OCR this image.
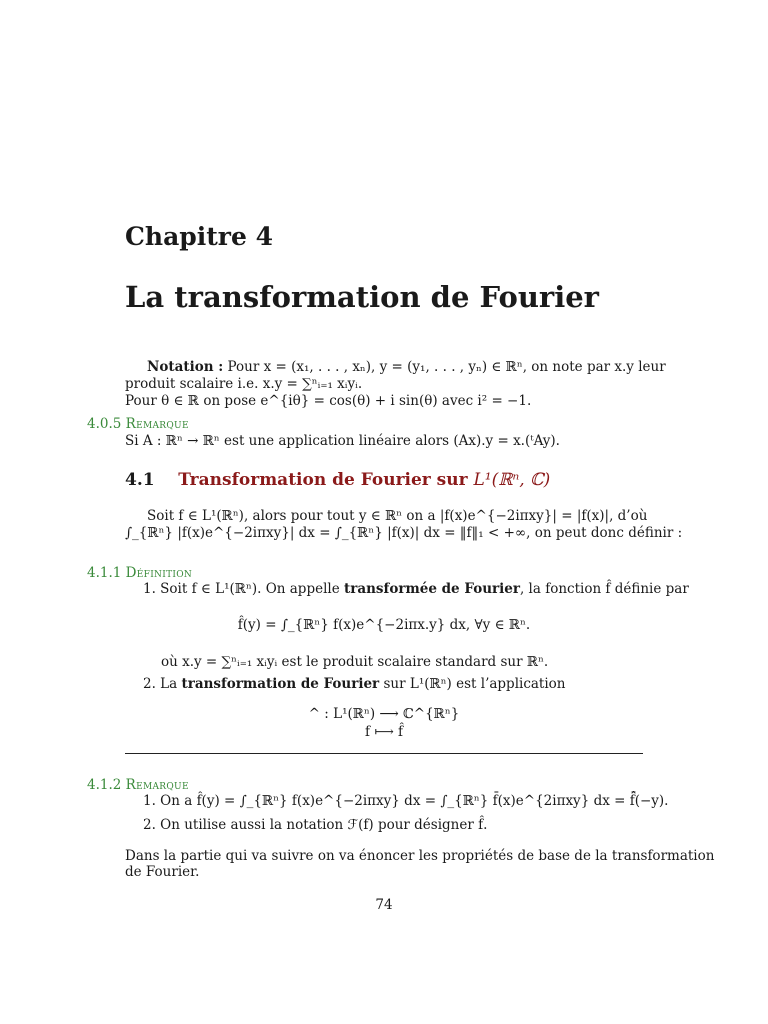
Chapitre 4
La transformation de Fourier
Notation : Pour x = (x₁, . . . , xₙ), y = (y₁, . . . , yₙ) ∈ ℝⁿ, on note par x.y leur
produit scalaire i.e. x.y = ∑ⁿᵢ₌₁ xᵢyᵢ.
Pour θ ∈ ℝ on pose e^{iθ} = cos(θ) + i sin(θ) avec i² = −1.
4.0.5 Remarque
Si A : ℝⁿ → ℝⁿ est une application linéaire alors (Ax).y = x.(ᵗAy).
4.1 Transformation de Fourier sur L¹(ℝⁿ, ℂ)
Soit f ∈ L¹(ℝⁿ), alors pour tout y ∈ ℝⁿ on a |f(x)e^{−2iπxy}| = |f(x)|, d’où
∫_{ℝⁿ} |f(x)e^{−2iπxy}| dx = ∫_{ℝⁿ} |f(x)| dx = ‖f‖₁ < +∞, on peut donc définir :
4.1.1 Définition
1. Soit f ∈ L¹(ℝⁿ). On appelle transformée de Fourier, la fonction f̂ définie par
f̂(y) = ∫_{ℝⁿ} f(x)e^{−2iπx.y} dx, ∀y ∈ ℝⁿ.
où x.y = ∑ⁿᵢ₌₁ xᵢyᵢ est le produit scalaire standard sur ℝⁿ.
2. La transformation de Fourier sur L¹(ℝⁿ) est l’application
^ : L¹(ℝⁿ) ⟶ ℂ^{ℝⁿ}
f ⟼ f̂
4.1.2 Remarque
1. On a f̂(y) = ∫_{ℝⁿ} f(x)e^{−2iπxy} dx = ∫_{ℝⁿ} f̄(x)e^{2iπxy} dx = f̄̂(−y).
2. On utilise aussi la notation ℱ(f) pour désigner f̂.
Dans la partie qui va suivre on va énoncer les propriétés de base de la transformation
de Fourier.
74
